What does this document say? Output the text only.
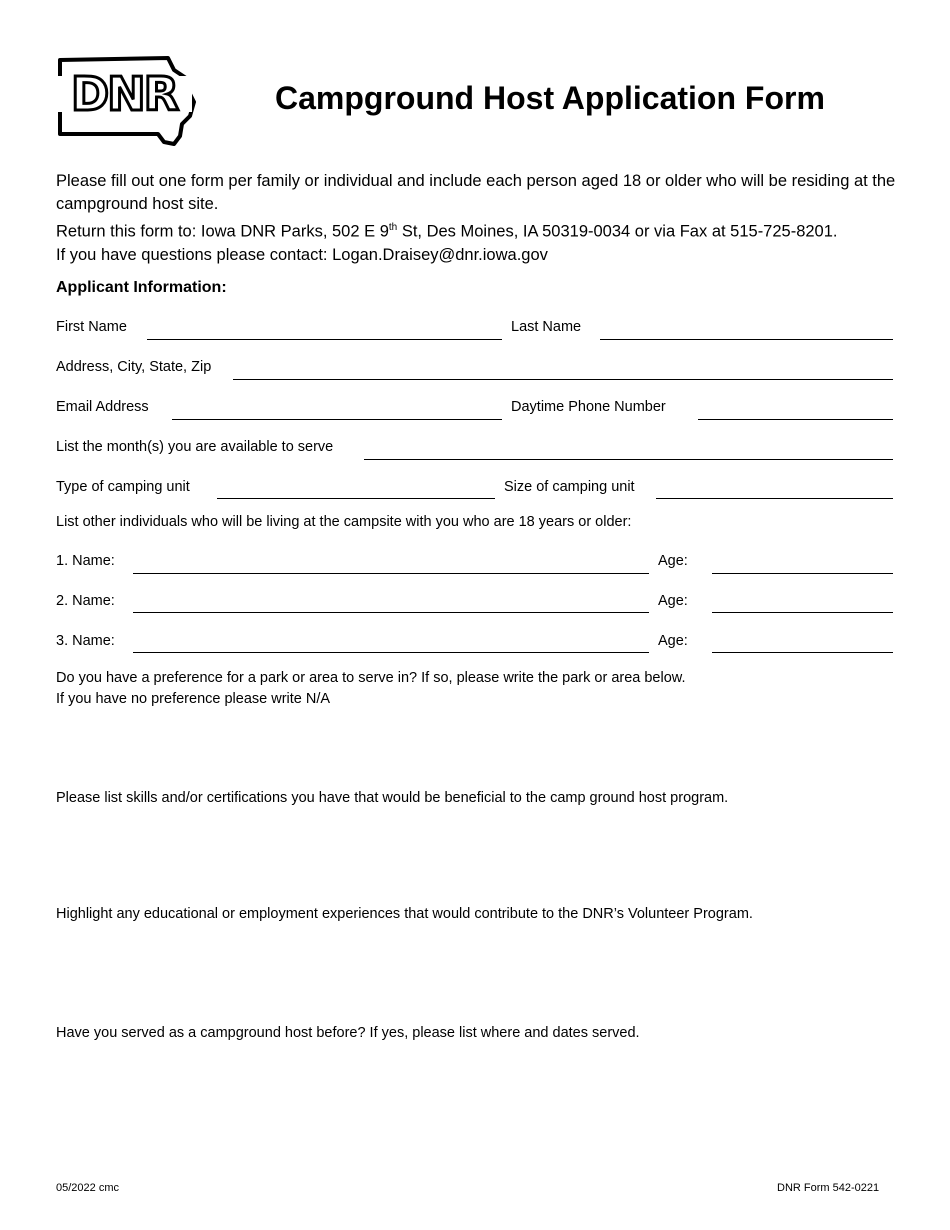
DNR	Campground Host Application Form

Please fill out one form per family or individual and include each person aged 18 or older who will be residing at the campground host site.

Return this form to: Iowa DNR Parks, 502 E 9th St, Des Moines, IA 50319-0034 or via Fax at 515-725-8201.

If you have questions please contact: Logan.Draisey@dnr.iowa.gov

Applicant Information:
First Name	Last Name
Address, City, State, Zip
Email Address	Daytime Phone Number
List the month(s) you are available to serve
Type of camping unit	Size of camping unit
List other individuals who will be living at the campsite with you who are 18 years or older:
1. Name:	Age:
2. Name:	Age:
3. Name:	Age:
Do you have a preference for a park or area to serve in? If so, please write the park or area below.
If you have no preference please write N/A
Please list skills and/or certifications you have that would be beneficial to the camp ground host program.
Highlight any educational or employment experiences that would contribute to the DNR’s Volunteer Program.
Have you served as a campground host before? If yes, please list where and dates served.
05/2022 cmc	DNR Form 542-0221
